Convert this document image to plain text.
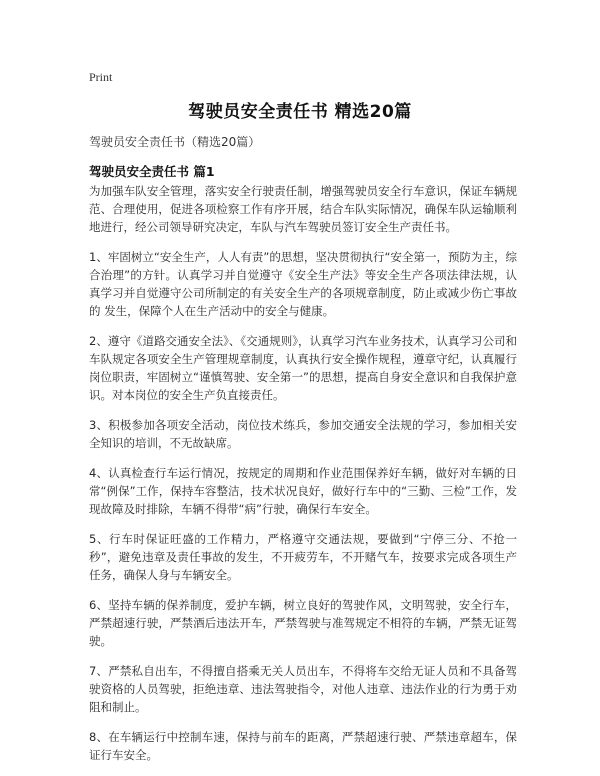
Print
驾驶员安全责任书 精选20篇
驾驶员安全责任书（精选20篇）
驾驶员安全责任书 篇1

为加强车队安全管理，落实安全行驶责任制，增强驾驶员安全行车意识，保证车辆规范、合理使用，促进各项检察工作有序开展，结合车队实际情况，确保车队运输顺利地进行，经公司领导研究决定，车队与汽车驾驶员签订安全生产责任书。

1、牢固树立“安全生产，人人有责”的思想，坚决贯彻执行“安全第一，预防为主，综合治理”的方针。认真学习并自觉遵守《安全生产法》等安全生产各项法律法规，认真学习并自觉遵守公司所制定的有关安全生产的各项规章制度，防止或减少伤亡事故的 发生，保障个人在生产活动中的安全与健康。

2、遵守《道路交通安全法》、《交通规则》，认真学习汽车业务技术，认真学习公司和车队规定各项安全生产管理规章制度，认真执行安全操作规程，遵章守纪，认真履行岗位职责，牢固树立“谨慎驾驶、安全第一”的思想，提高自身安全意识和自我保护意识。对本岗位的安全生产负直接责任。

3、积极参加各项安全活动，岗位技术练兵，参加交通安全法规的学习，参加相关安全知识的培训，不无故缺席。

4、认真检查行车运行情况，按规定的周期和作业范围保养好车辆，做好对车辆的日常“例保”工作，保持车容整洁，技术状况良好，做好行车中的“三勤、三检”工作，发现故障及时排除，车辆不得带“病”行驶，确保行车安全。

5、行车时保证旺盛的工作精力，严格遵守交通法规，要做到“宁停三分、不抢一秒”，避免违章及责任事故的发生，不开疲劳车，不开赌气车，按要求完成各项生产任务，确保人身与车辆安全。

6、坚持车辆的保养制度，爱护车辆，树立良好的驾驶作风，文明驾驶，安全行车，严禁超速行驶，严禁酒后违法开车，严禁驾驶与准驾规定不相符的车辆，严禁无证驾驶。

7、严禁私自出车，不得擅自搭乘无关人员出车，不得将车交给无证人员和不具备驾驶资格的人员驾驶，拒绝违章、违法驾驶指令，对他人违章、违法作业的行为勇于劝阻和制止。

8、在车辆运行中控制车速，保持与前车的距离，严禁超速行驶、严禁违章超车，保证行车安全。
